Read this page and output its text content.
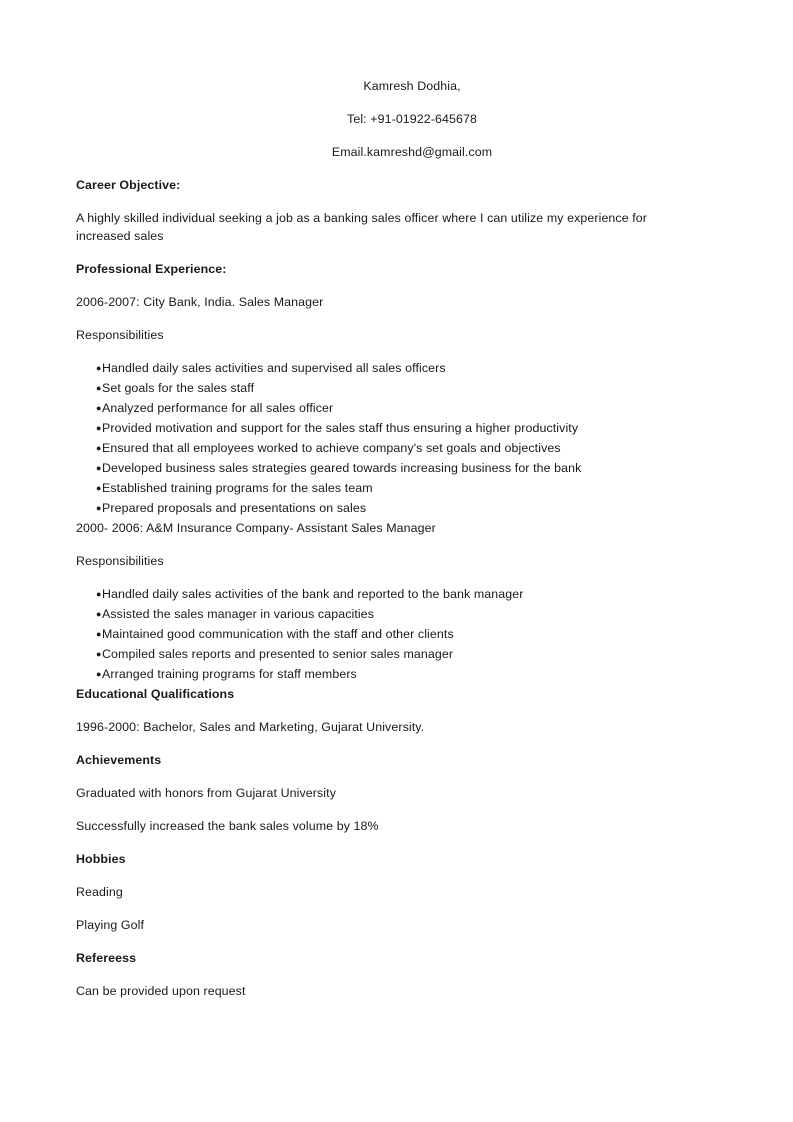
Kamresh Dodhia,
Tel: +91-01922-645678
Email.kamreshd@gmail.com
Career Objective:
A highly skilled individual seeking a job as a banking sales officer where I can utilize my experience for
increased sales
Professional Experience:
2006-2007: City Bank, India. Sales Manager
Responsibilities
●Handled daily sales activities and supervised all sales officers
●Set goals for the sales staff
●Analyzed performance for all sales officer
●Provided motivation and support for the sales staff thus ensuring a higher productivity
●Ensured that all employees worked to achieve company's set goals and objectives
●Developed business sales strategies geared towards increasing business for the bank
●Established training programs for the sales team
●Prepared proposals and presentations on sales
2000- 2006: A&M Insurance Company- Assistant Sales Manager
Responsibilities
●Handled daily sales activities of the bank and reported to the bank manager
●Assisted the sales manager in various capacities
●Maintained good communication with the staff and other clients
●Compiled sales reports and presented to senior sales manager
●Arranged training programs for staff members
Educational Qualifications
1996-2000: Bachelor, Sales and Marketing, Gujarat University.
Achievements
Graduated with honors from Gujarat University
Successfully increased the bank sales volume by 18%
Hobbies
Reading
Playing Golf
Refereess
Can be provided upon request
